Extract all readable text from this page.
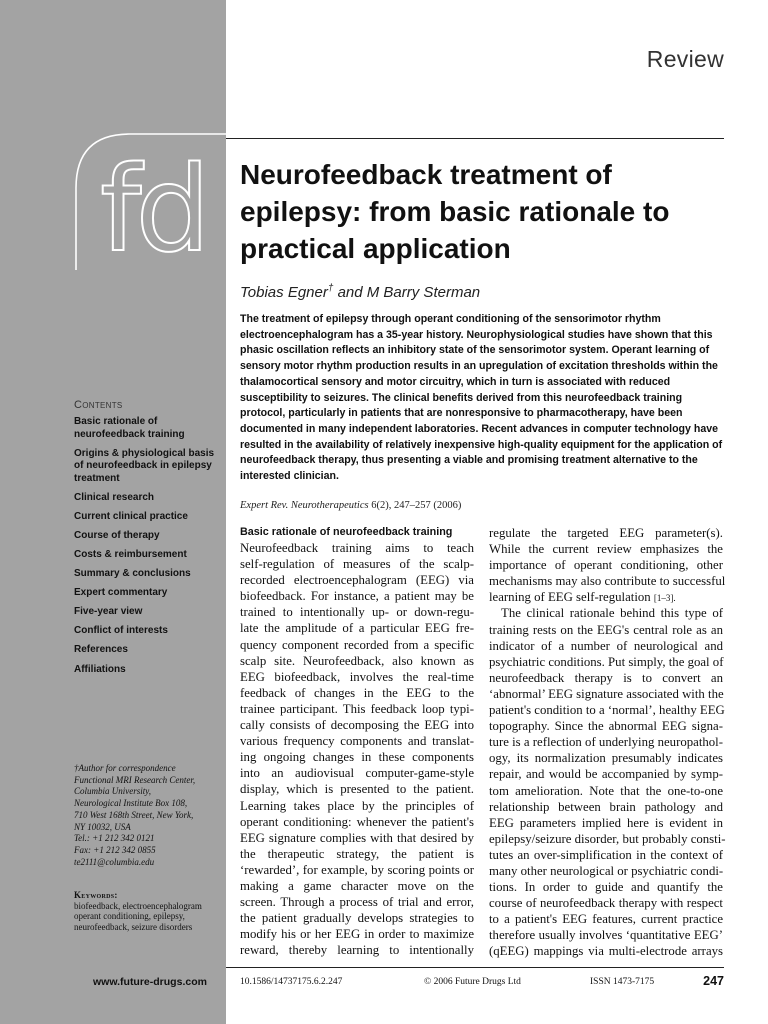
fd
Review
Neurofeedback treatment of epilepsy: from basic rationale to practical application
Tobias Egner† and M Barry Sterman

The treatment of epilepsy through operant conditioning of the sensorimotor rhythm electroencephalogram has a 35-year history. Neurophysiological studies have shown that this phasic oscillation reflects an inhibitory state of the sensorimotor system. Operant learning of sensory motor rhythm production results in an upregulation of excitation thresholds within the thalamocortical sensory and motor circuitry, which in turn is associated with reduced susceptibility to seizures. The clinical benefits derived from this neurofeedback training protocol, particularly in patients that are nonresponsive to pharmacotherapy, have been documented in many independent laboratories. Recent advances in computer technology have resulted in the availability of relatively inexpensive high-quality equipment for the application of neurofeedback therapy, thus presenting a viable and promising treatment alternative to the interested clinician.

Expert Rev. Neurotherapeutics 6(2), 247–257 (2006)
Contents
Basic rationale of neurofeedback training
Origins & physiological basis of neurofeedback in epilepsy treatment
Clinical research
Current clinical practice
Course of therapy
Costs & reimbursement
Summary & conclusions
Expert commentary
Five-year view
Conflict of interests
References
Affiliations
†Author for correspondence
Functional MRI Research Center,
Columbia University,
Neurological Institute Box 108,
710 West 168th Street, New York,
NY 10032, USA
Tel.: +1 212 342 0121
Fax: +1 212 342 0855
te2111@columbia.edu
Keywords:
biofeedback, electroencephalogram operant conditioning, epilepsy, neurofeedback, seizure disorders
Basic rationale of neurofeedback training
Neurofeedback training aims to teach
self-regulation of measures of the scalp-
recorded electroencephalogram (EEG) via
biofeedback. For instance, a patient may be
trained to intentionally up- or down-regu-
late the amplitude of a particular EEG fre-
quency component recorded from a specific
scalp site. Neurofeedback, also known as
EEG biofeedback, involves the real-time
feedback of changes in the EEG to the
trainee participant. This feedback loop typi-
cally consists of decomposing the EEG into
various frequency components and translat-
ing ongoing changes in these components
into an audiovisual computer-game-style
display, which is presented to the patient.
Learning takes place by the principles of
operant conditioning: whenever the patient's
EEG signature complies with that desired by
the therapeutic strategy, the patient is
‘rewarded’, for example, by scoring points or
making a game character move on the
screen. Through a process of trial and error,
the patient gradually develops strategies to
modify his or her EEG in order to maximize
reward, thereby learning to intentionally
regulate the targeted EEG parameter(s).
While the current review emphasizes the
importance of operant conditioning, other
mechanisms may also contribute to successful
learning of EEG self-regulation [1–3].
The clinical rationale behind this type of
training rests on the EEG's central role as an
indicator of a number of neurological and
psychiatric conditions. Put simply, the goal of
neurofeedback therapy is to convert an
‘abnormal’ EEG signature associated with the
patient's condition to a ‘normal’, healthy EEG
topography. Since the abnormal EEG signa-
ture is a reflection of underlying neuropathol-
ogy, its normalization presumably indicates
repair, and would be accompanied by symp-
tom amelioration. Note that the one-to-one
relationship between brain pathology and
EEG parameters implied here is evident in
epilepsy/seizure disorder, but probably consti-
tutes an over-simplification in the context of
many other neurological or psychiatric condi-
tions. In order to guide and quantify the
course of neurofeedback therapy with respect
to a patient's EEG features, current practice
therefore usually involves ‘quantitative EEG’
(qEEG) mappings via multi-electrode arrays
www.future-drugs.com	10.1586/14737175.6.2.247	© 2006 Future Drugs Ltd	ISSN 1473-7175	247
